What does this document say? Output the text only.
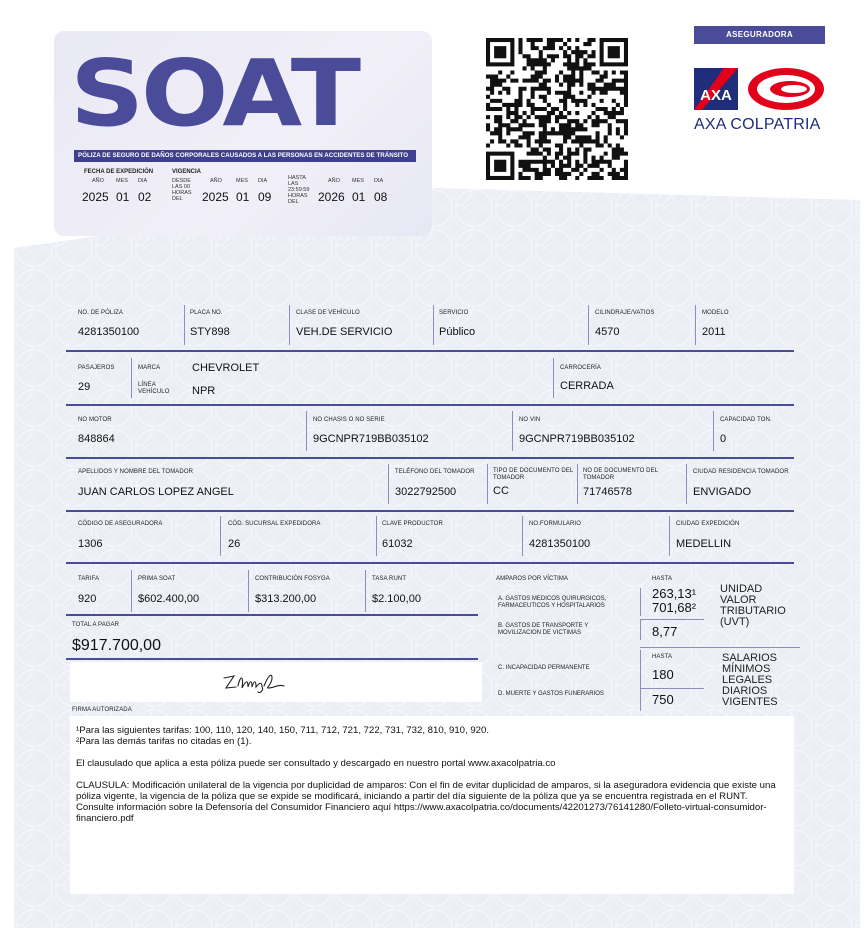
SOAT
PÓLIZA DE SEGURO DE DAÑOS CORPORALES CAUSADOS A LAS PERSONAS EN ACCIDENTES DE TRÁNSITO
FECHA DE EXPEDICIÓN
AÑO MES DIA
2025 01 02
VIGENCIA
DESDE LAS 00 HORAS DEL
AÑO	MES DIA
2025 01 09
HASTA LAS 23:59:59 HORAS DEL
AÑO MES DIA
2026 01 08
ASEGURADORA
AXA
AXA COLPATRIA
NO. DE PÓLIZA
4281350100
PLACA NO.
STY898
CLASE DE VEHÍCULO
VEH.DE SERVICIO
SERVICIO
Público
CILINDRAJE/VATIOS
4570
MODELO
2011
PASAJEROS
29
MARCA	CHEVROLET
LÍNEA VEHÍCULO	NPR
CARROCERÍA
CERRADA
NO MOTOR
848864
NO CHASIS O NO SERIE
9GCNPR719BB035102
NO VIN
9GCNPR719BB035102
CAPACIDAD TON.
0
APELLIDOS Y NOMBRE DEL TOMADOR
JUAN CARLOS LOPEZ ANGEL
TELÉFONO DEL TOMADOR
3022792500
TIPO DE DOCUMENTO DEL TOMADOR
CC
NO DE DOCUMENTO DEL TOMADOR
71746578
CIUDAD RESIDENCIA TOMADOR
ENVIGADO
CÓDIGO DE ASEGURADORA
1306
CÓD. SUCURSAL EXPEDIDORA
26
CLAVE PRODUCTOR
61032
NO.FORMULARIO
4281350100
CIUDAD EXPEDICIÓN
MEDELLIN
TARIFA
920
PRIMA SOAT
$602.400,00
CONTRIBUCIÓN FOSYGA
$313.200,00
TASA RUNT
$2.100,00
TOTAL A PAGAR
$917.700,00
FIRMA AUTORIZADA
AMPAROS POR VÍCTIMA	HASTA
A. GASTOS MEDICOS QUIRURGICOS, FARMACEUTICOS Y HOSPITALARIOS
263,13¹ 701,68²
B. GASTOS DE TRANSPORTE Y MOVILIZACION DE VICTIMAS	8,77
UNIDAD VALOR TRIBUTARIO (UVT)
HASTA
C. INCAPACIDAD PERMANENTE	180
D. MUERTE Y GASTOS FUNERARIOS	750
SALARIOS MÍNIMOS LEGALES DIARIOS VIGENTES

¹Para las siguientes tarifas: 100, 110, 120, 140, 150, 711, 712, 721, 722, 731, 732, 810, 910, 920.

²Para las demás tarifas no citadas en (1).

El clausulado que aplica a esta póliza puede ser consultado y descargado en nuestro portal www.axacolpatria.co

CLAUSULA: Modificación unilateral de la vigencia por duplicidad de amparos: Con el fin de evitar duplicidad de amparos, si la aseguradora evidencia que existe una póliza vigente, la vigencia de la póliza que se expide se modificará, iniciando a partir del día siguiente de la póliza que ya se encuentra registrada en el RUNT.

Consulte información sobre la Defensoría del Consumidor Financiero aquí https://www.axacolpatria.co/documents/42201273/76141280/Folleto-virtual-consumidor-financiero.pdf
